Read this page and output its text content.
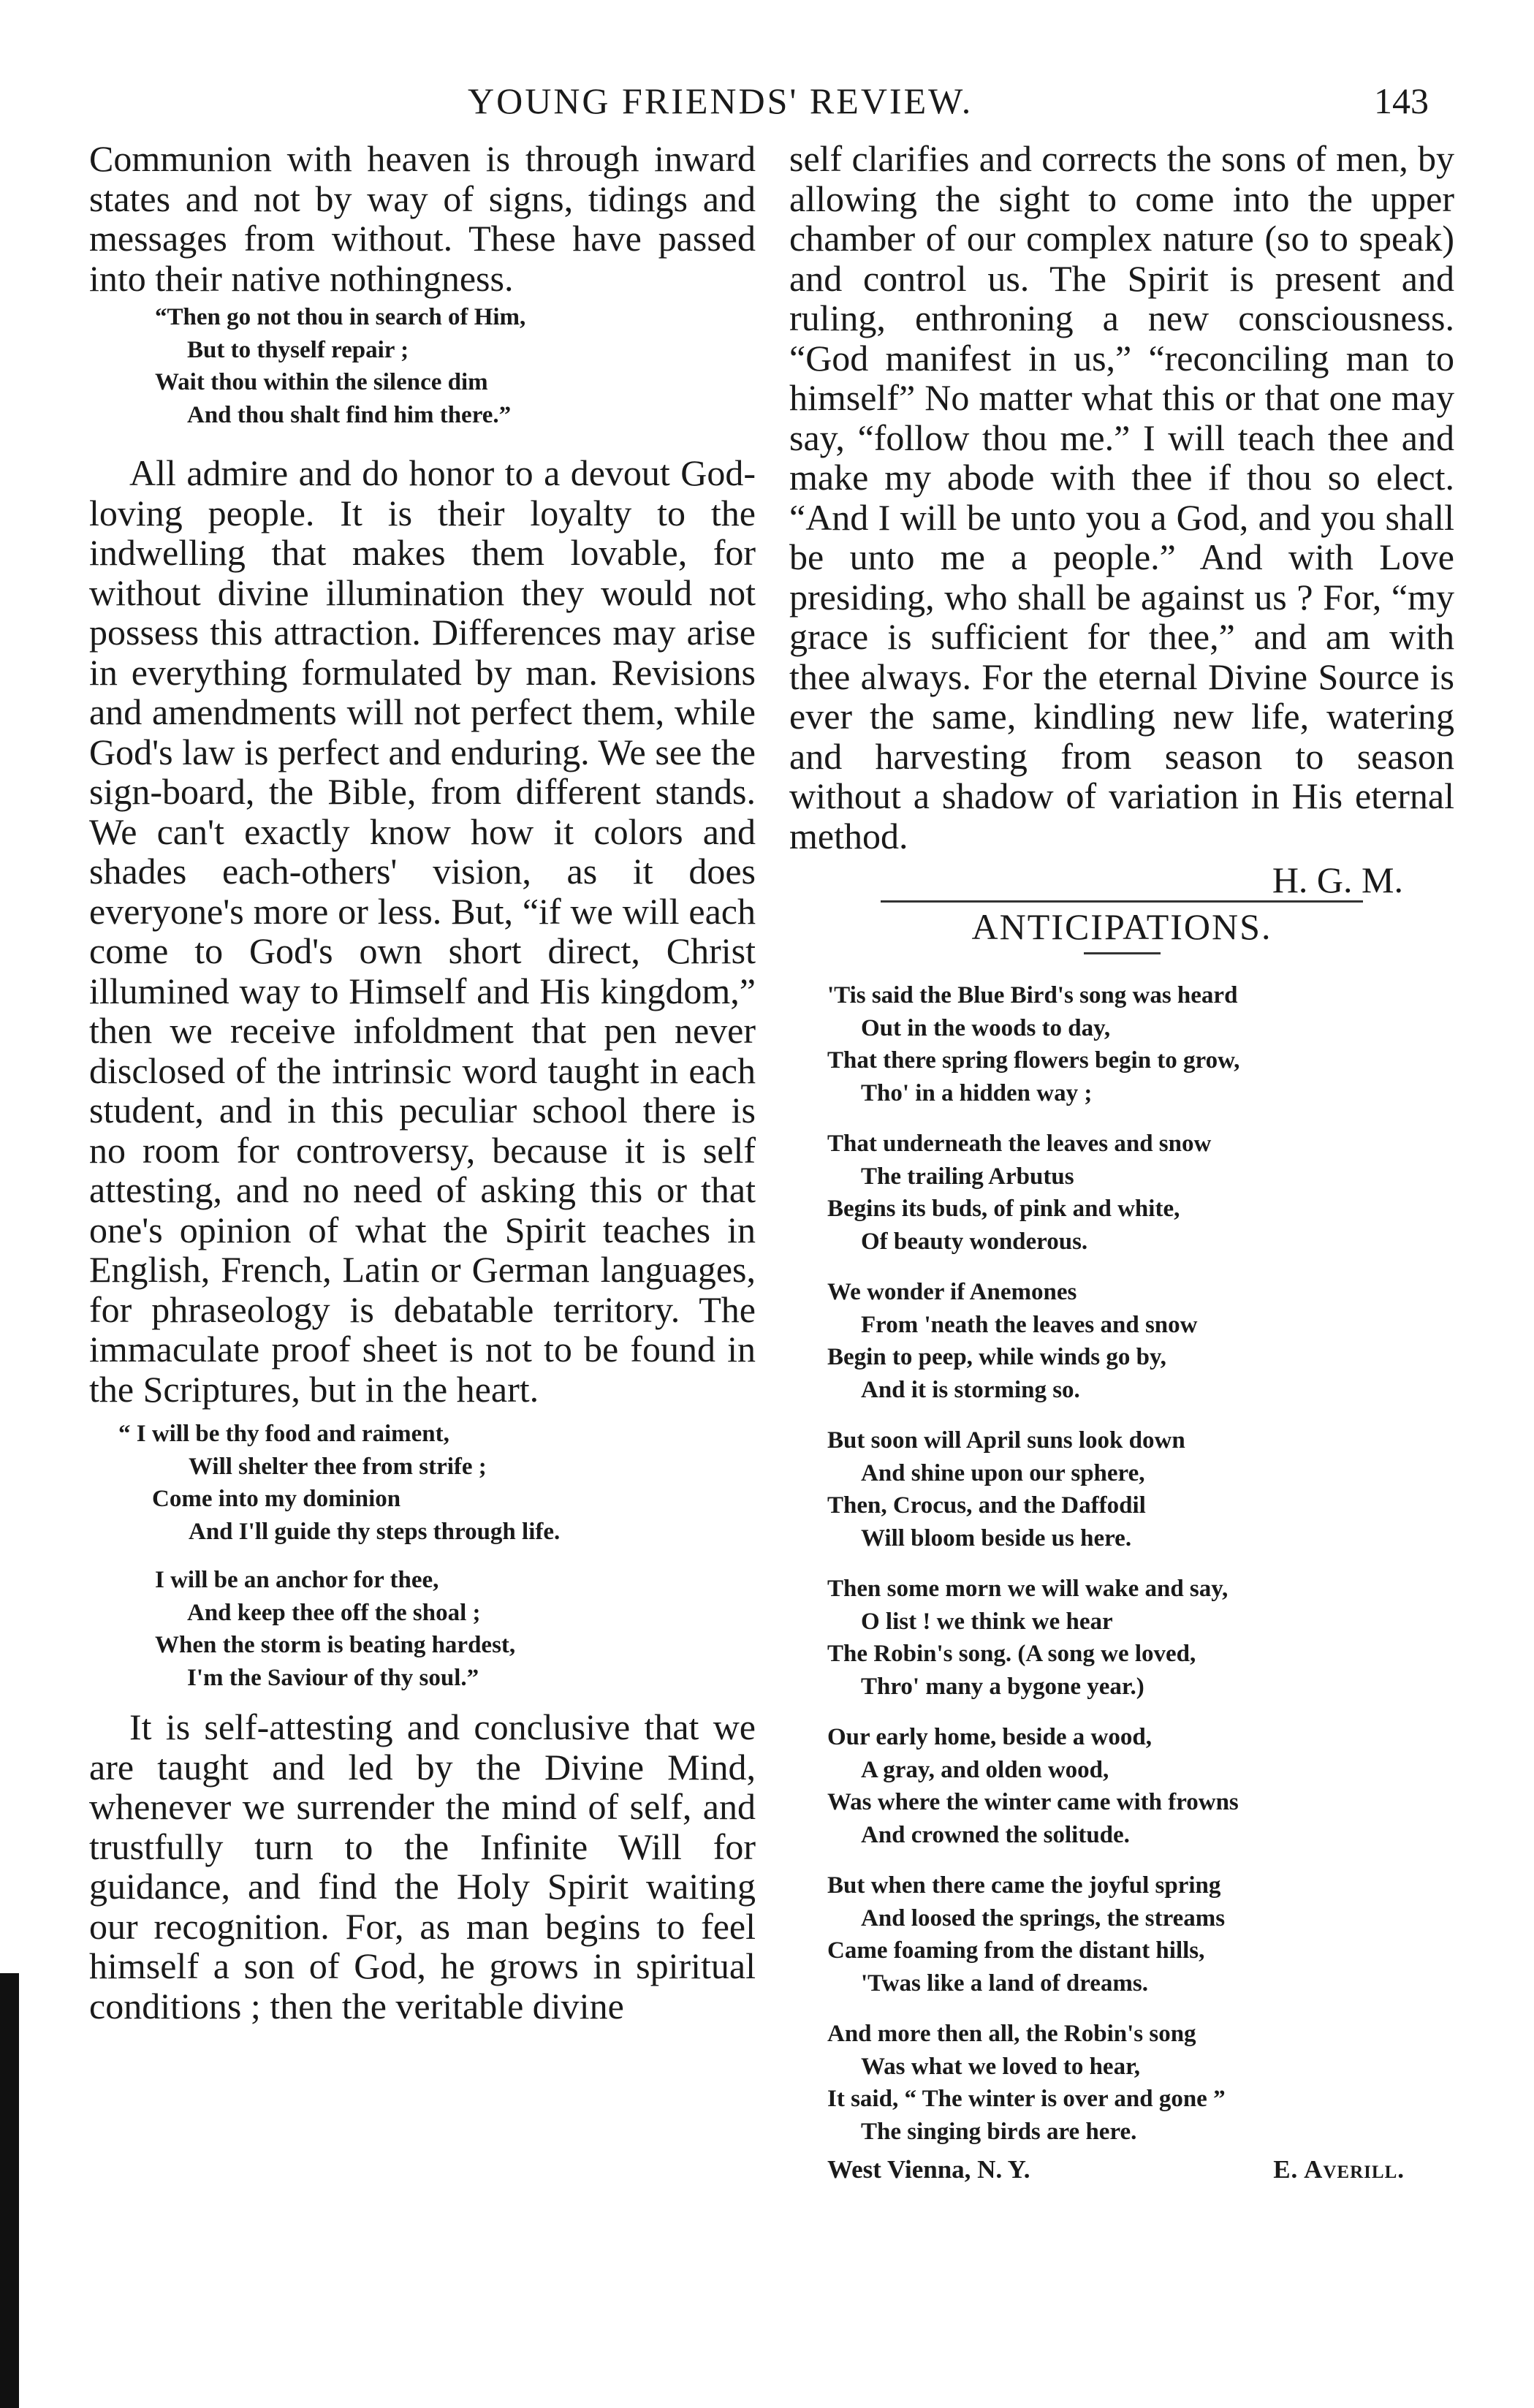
YOUNG FRIENDS' REVIEW.	143

Communion with heaven is through inward states and not by way of signs, tidings and messages from without. These have passed into their native nothingness.

“Then go not thou in search of Him,
But to thyself repair ;
Wait thou within the silence dim
And thou shalt find him there.”

All admire and do honor to a devout God-loving people. It is their loyalty to the indwelling that makes them lovable, for without divine illumination they would not possess this attraction. Differences may arise in everything formulated by man. Revisions and amendments will not perfect them, while God's law is perfect and enduring. We see the sign-board, the Bible, from different stands. We can't exactly know how it colors and shades each-others' vision, as it does everyone's more or less. But, “if we will each come to God's own short direct, Christ illumined way to Himself and His kingdom,” then we receive infoldment that pen never disclosed of the intrinsic word taught in each student, and in this peculiar school there is no room for controversy, because it is self attesting, and no need of asking this or that one's opinion of what the Spirit teaches in English, French, Latin or German languages, for phraseology is debatable territory. The immaculate proof sheet is not to be found in the Scriptures, but in the heart.

“ I will be thy food and raiment,
Will shelter thee from strife ;
Come into my dominion
And I'll guide thy steps through life.
I will be an anchor for thee,
And keep thee off the shoal ;
When the storm is beating hardest,
I'm the Saviour of thy soul.”

It is self-attesting and conclusive that we are taught and led by the Divine Mind, whenever we surrender the mind of self, and trustfully turn to the Infinite Will for guidance, and find the Holy Spirit waiting our recognition. For, as man begins to feel himself a son of God, he grows in spiritual conditions ; then the veritable divine

self clarifies and corrects the sons of men, by allowing the sight to come into the upper chamber of our complex nature (so to speak) and control us. The Spirit is present and ruling, enthroning a new consciousness. “God manifest in us,” “reconciling man to himself” No matter what this or that one may say, “follow thou me.” I will teach thee and make my abode with thee if thou so elect. “And I will be unto you a God, and you shall be unto me a people.” And with Love presiding, who shall be against us ? For, “my grace is sufficient for thee,” and am with thee always. For the eternal Divine Source is ever the same, kindling new life, watering and harvesting from season to season without a shadow of variation in His eternal method.

H. G. M.
ANTICIPATIONS.
'Tis said the Blue Bird's song was heard
Out in the woods to day,
That there spring flowers begin to grow,
Tho' in a hidden way ;
That underneath the leaves and snow
The trailing Arbutus
Begins its buds, of pink and white,
Of beauty wonderous.
We wonder if Anemones
From 'neath the leaves and snow
Begin to peep, while winds go by,
And it is storming so.
But soon will April suns look down
And shine upon our sphere,
Then, Crocus, and the Daffodil
Will bloom beside us here.
Then some morn we will wake and say,
O list ! we think we hear
The Robin's song. (A song we loved,
Thro' many a bygone year.)
Our early home, beside a wood,
A gray, and olden wood,
Was where the winter came with frowns
And crowned the solitude.
But when there came the joyful spring
And loosed the springs, the streams
Came foaming from the distant hills,
'Twas like a land of dreams.
And more then all, the Robin's song
Was what we loved to hear,
It said, “ The winter is over and gone ”
The singing birds are here.
West Vienna, N. Y.	E. Averill.
